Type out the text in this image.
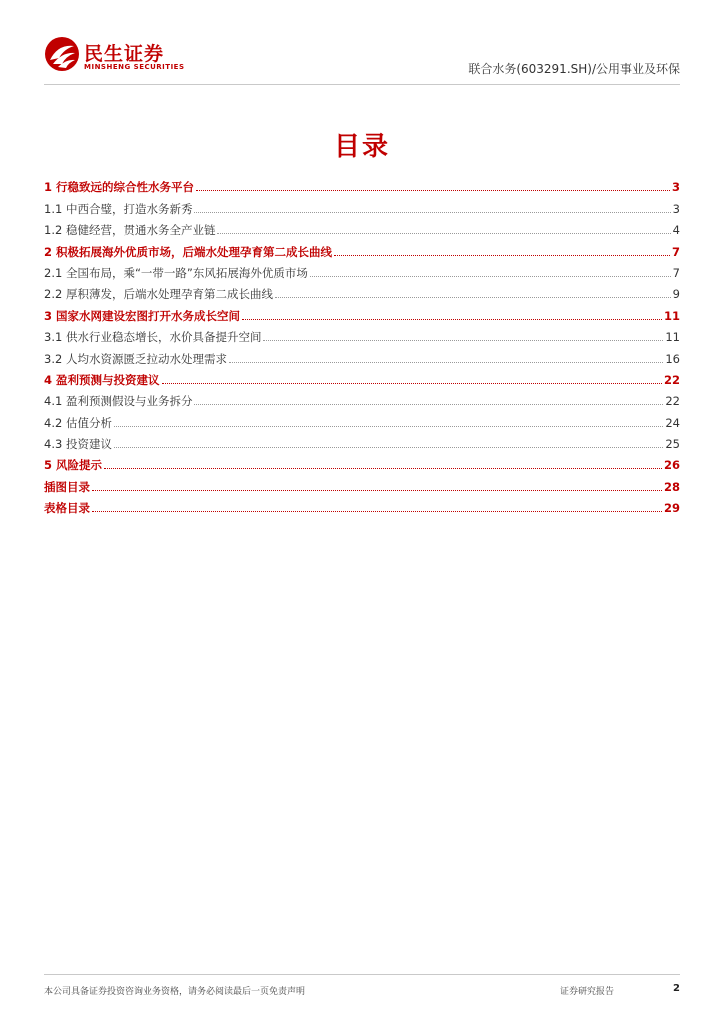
民生证券
MINSHENG SECURITIES	联合水务(603291.SH)/公用事业及环保
目录
1 行稳致远的综合性水务平台	3
1.1 中西合璧，打造水务新秀	3
1.2 稳健经营，贯通水务全产业链	4
2 积极拓展海外优质市场，后端水处理孕育第二成长曲线	7
2.1 全国布局，乘“一带一路”东风拓展海外优质市场	7
2.2 厚积薄发，后端水处理孕育第二成长曲线	9
3 国家水网建设宏图打开水务成长空间	11
3.1 供水行业稳态增长，水价具备提升空间	11
3.2 人均水资源匮乏拉动水处理需求	16
4 盈利预测与投资建议	22
4.1 盈利预测假设与业务拆分	22
4.2 估值分析	24
4.3 投资建议	25
5 风险提示	26
插图目录	28
表格目录	29
本公司具备证券投资咨询业务资格，请务必阅读最后一页免责声明	证券研究报告	2
